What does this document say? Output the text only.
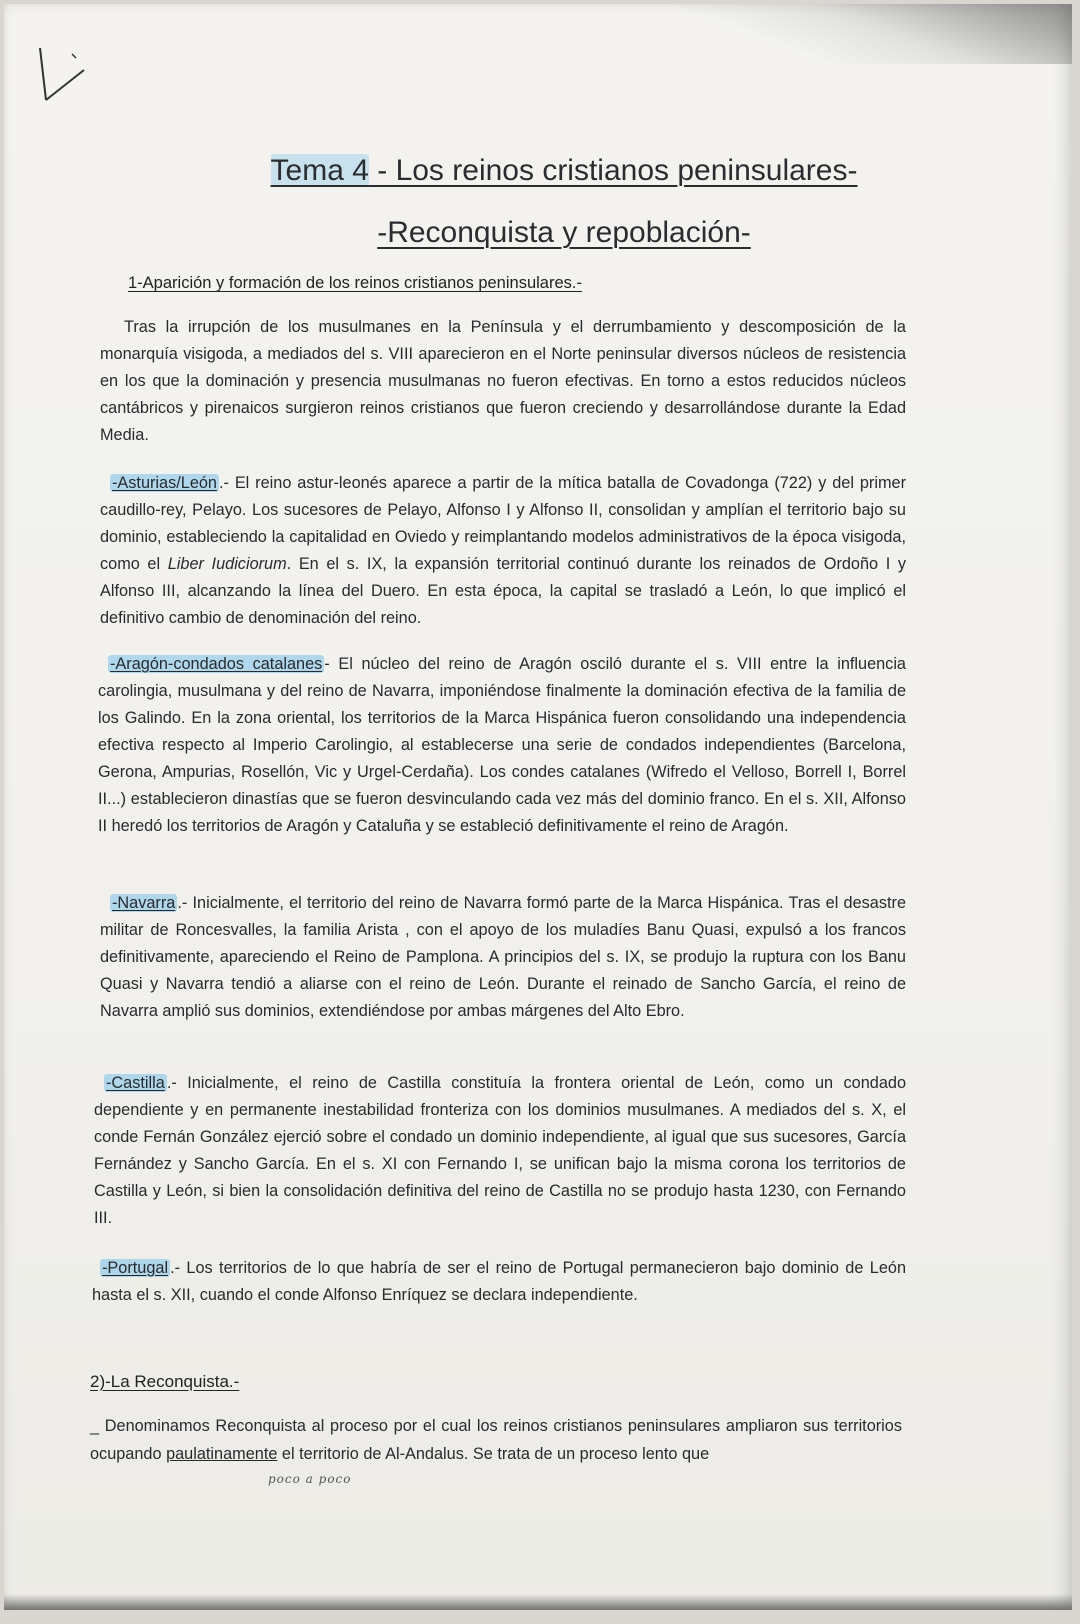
Tema 4 - Los reinos cristianos peninsulares-
-Reconquista y repoblación-
1-Aparición y formación de los reinos cristianos peninsulares.-

Tras la irrupción de los musulmanes en la Península y el derrumbamiento y descomposición de la monarquía visigoda, a mediados del s. VIII aparecieron en el Norte peninsular diversos núcleos de resistencia en los que la dominación y presencia musulmanas no fueron efectivas. En torno a estos reducidos núcleos cantábricos y pirenaicos surgieron reinos cristianos que fueron creciendo y desarrollándose durante la Edad Media.

-Asturias/León .- El reino astur-leonés aparece a partir de la mítica batalla de Covadonga (722) y del primer caudillo-rey, Pelayo. Los sucesores de Pelayo, Alfonso I y Alfonso II, consolidan y amplían el territorio bajo su dominio, estableciendo la capitalidad en Oviedo y reimplantando modelos administrativos de la época visigoda, como el Liber Iudiciorum. En el s. IX, la expansión territorial continuó durante los reinados de Ordoño I y Alfonso III, alcanzando la línea del Duero. En esta época, la capital se trasladó a León, lo que implicó el definitivo cambio de denominación del reino.

-Aragón-condados catalanes - El núcleo del reino de Aragón osciló durante el s. VIII entre la influencia carolingia, musulmana y del reino de Navarra, imponiéndose finalmente la dominación efectiva de la familia de los Galindo. En la zona oriental, los territorios de la Marca Hispánica fueron consolidando una independencia efectiva respecto al Imperio Carolingio, al establecerse una serie de condados independientes (Barcelona, Gerona, Ampurias, Rosellón, Vic y Urgel-Cerdaña). Los condes catalanes (Wifredo el Velloso, Borrell I, Borrel II...) establecieron dinastías que se fueron desvinculando cada vez más del dominio franco. En el s. XII, Alfonso II heredó los territorios de Aragón y Cataluña y se estableció definitivamente el reino de Aragón.

-Navarra .- Inicialmente, el territorio del reino de Navarra formó parte de la Marca Hispánica. Tras el desastre militar de Roncesvalles, la familia Arista , con el apoyo de los muladíes Banu Quasi, expulsó a los francos definitivamente, apareciendo el Reino de Pamplona. A principios del s. IX, se produjo la ruptura con los Banu Quasi y Navarra tendió a aliarse con el reino de León. Durante el reinado de Sancho García, el reino de Navarra amplió sus dominios, extendiéndose por ambas márgenes del Alto Ebro.

-Castilla .- Inicialmente, el reino de Castilla constituía la frontera oriental de León, como un condado dependiente y en permanente inestabilidad fronteriza con los dominios musulmanes. A mediados del s. X, el conde Fernán González ejerció sobre el condado un dominio independiente, al igual que sus sucesores, García Fernández y Sancho García. En el s. XI con Fernando I, se unifican bajo la misma corona los territorios de Castilla y León, si bien la consolidación definitiva del reino de Castilla no se produjo hasta 1230, con Fernando III.

-Portugal .- Los territorios de lo que habría de ser el reino de Portugal permanecieron bajo dominio de León hasta el s. XII, cuando el conde Alfonso Enríquez se declara independiente.

2)-La Reconquista.-

_ Denominamos Reconquista al proceso por el cual los reinos cristianos peninsulares ampliaron sus territorios ocupando paulatinamente el territorio de Al-Andalus. Se trata de un proceso lento que

poco a poco
